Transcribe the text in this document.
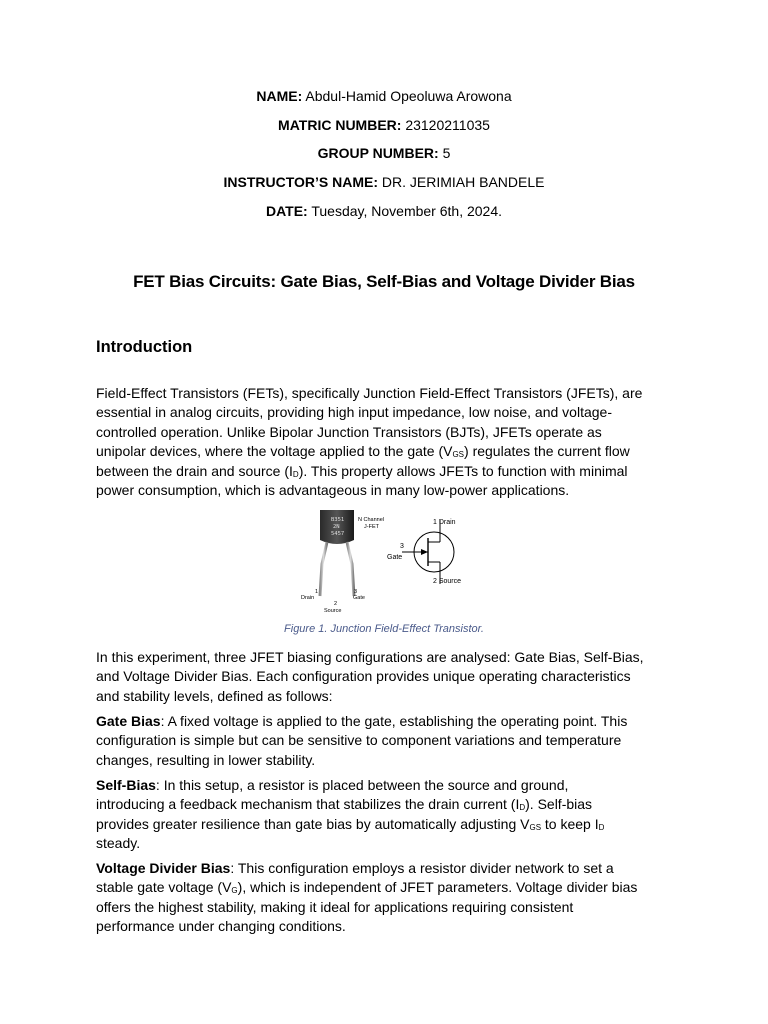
NAME: Abdul-Hamid Opeoluwa Arowona
MATRIC NUMBER: 23120211035
GROUP NUMBER: 5
INSTRUCTOR’S NAME: DR. JERIMIAH BANDELE
DATE: Tuesday, November 6th, 2024.
FET Bias Circuits: Gate Bias, Self-Bias and Voltage Divider Bias
Introduction
Field-Effect Transistors (FETs), specifically Junction Field-Effect Transistors (JFETs), are
essential in analog circuits, providing high input impedance, low noise, and voltage-
controlled operation. Unlike Bipolar Junction Transistors (BJTs), JFETs operate as
unipolar devices, where the voltage applied to the gate $(V_{GS})$ regulates the current flow
between the drain and source $(I_D)$. This property allows JFETs to function with minimal
power consumption, which is advantageous in many low-power applications.
B351
2N
5457
1
Drain
2
Source
3
Gate
N Channel
J-FET
1 Drain
3
Gate
2 Source
Figure 1. Junction Field-Effect Transistor.
In this experiment, three JFET biasing configurations are analysed: Gate Bias, Self-Bias,
and Voltage Divider Bias. Each configuration provides unique operating characteristics
and stability levels, defined as follows:
Gate Bias: A fixed voltage is applied to the gate, establishing the operating point. This
configuration is simple but can be sensitive to component variations and temperature
changes, resulting in lower stability.
Self-Bias: In this setup, a resistor is placed between the source and ground,
introducing a feedback mechanism that stabilizes the drain current $(I_D)$. Self-bias
provides greater resilience than gate bias by automatically adjusting $V_{GS}$ to keep $I_D$
steady.
Voltage Divider Bias: This configuration employs a resistor divider network to set a
stable gate voltage $(V_G)$, which is independent of JFET parameters. Voltage divider bias
offers the highest stability, making it ideal for applications requiring consistent
performance under changing conditions.
